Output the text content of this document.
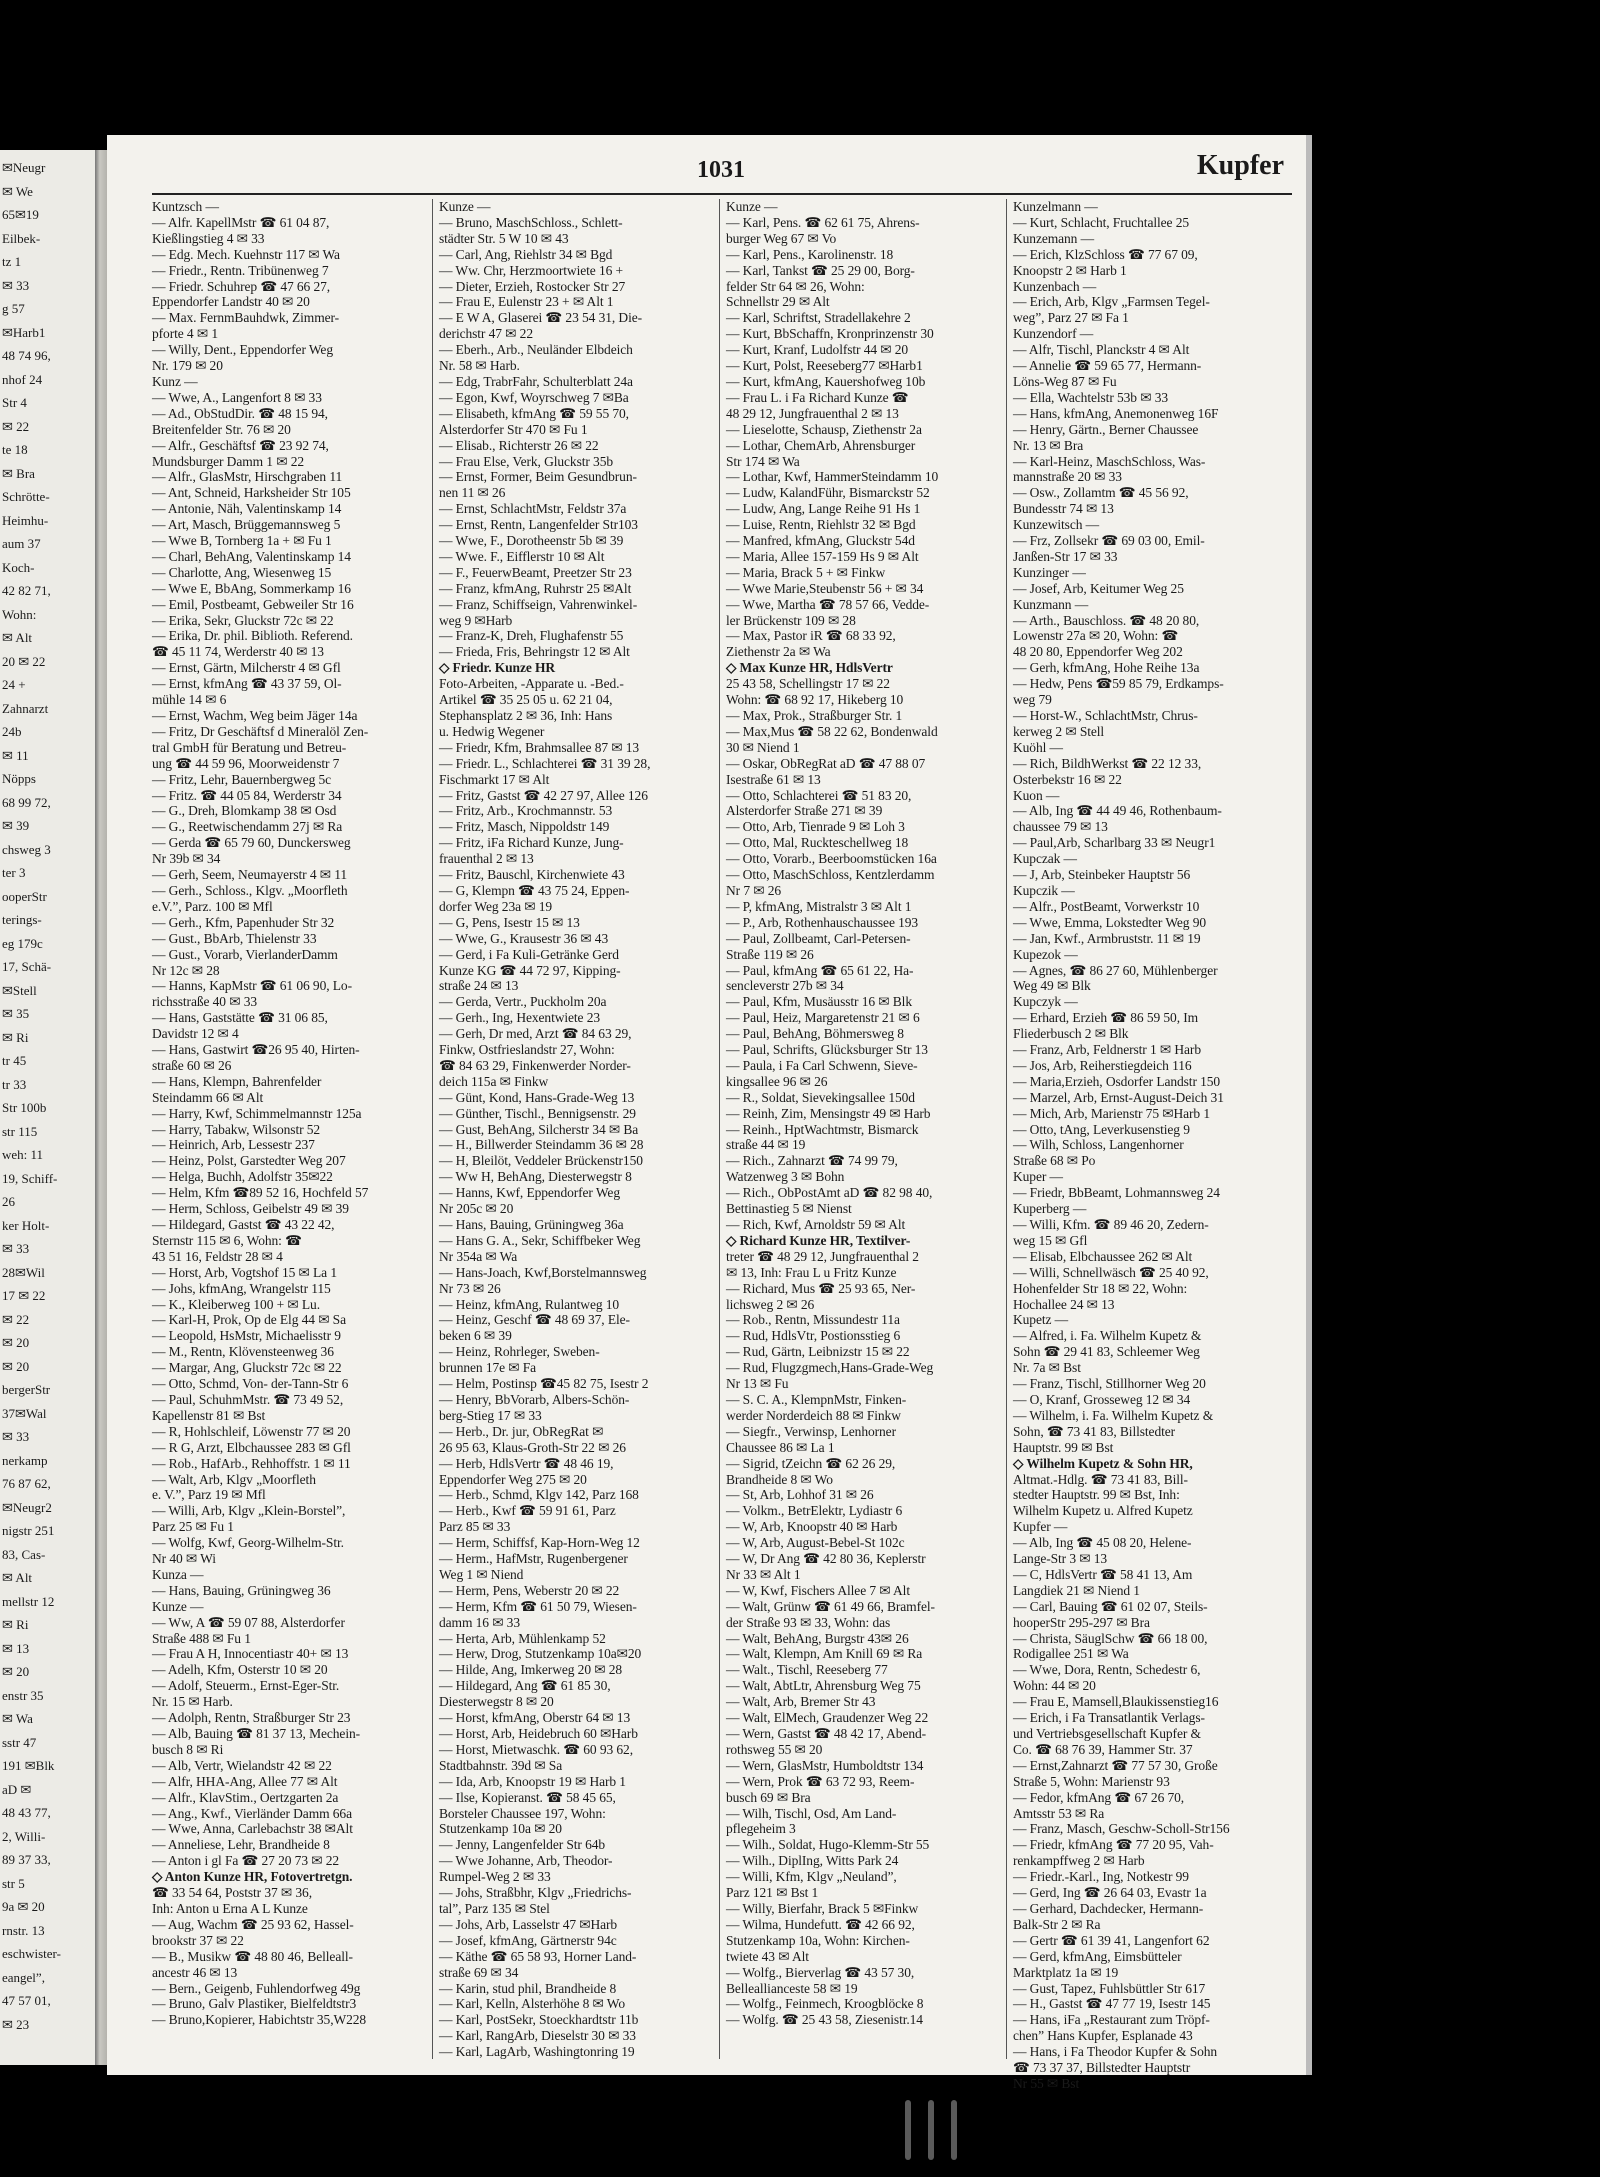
✉Neugr
✉ We
65✉19
Eilbek-
tz 1
✉ 33
g 57
✉Harb1
48 74 96,
nhof 24
Str 4
✉ 22
te 18
✉ Bra
Schrötte-
Heimhu-
aum 37
Koch-
42 82 71,
Wohn:
✉ Alt
20 ✉ 22
24 +
Zahnarzt
24b
✉ 11
Nöpps
68 99 72,
✉ 39
chsweg 3
ter 3
ooperStr
terings-
eg 179c
17, Schä-
✉Stell
✉ 35
✉ Ri
tr 45
tr 33
Str 100b
str 115
weh: 11
19, Schiff-
26
ker Holt-
✉ 33
28✉Wil
17 ✉ 22
✉ 22
✉ 20
✉ 20
bergerStr
37✉Wal
✉ 33
nerkamp
76 87 62,
✉Neugr2
nigstr 251
83, Cas-
✉ Alt
mellstr 12
✉ Ri
✉ 13
✉ 20
enstr 35
✉ Wa
sstr 47
191 ✉Blk
aD ✉
48 43 77,
2, Willi-
89 37 33,
str 5
9a ✉ 20
rnstr. 13
eschwister-
eangel”,
47 57 01,
✉ 23
1031	Kupfer
Kuntzsch —
— Alfr. KapellMstr ☎ 61 04 87,
Kießlingstieg 4 ✉ 33
— Edg. Mech. Kuehnstr 117 ✉ Wa
— Friedr., Rentn. Tribünenweg 7
— Friedr. Schuhrep ☎ 47 66 27,
Eppendorfer Landstr 40 ✉ 20
— Max. FernmBauhdwk, Zimmer-
pforte 4 ✉ 1
— Willy, Dent., Eppendorfer Weg
Nr. 179 ✉ 20
Kunz —
— Wwe, A., Langenfort 8 ✉ 33
— Ad., ObStudDir. ☎ 48 15 94,
Breitenfelder Str. 76 ✉ 20
— Alfr., Geschäftsf ☎ 23 92 74,
Mundsburger Damm 1 ✉ 22
— Alfr., GlasMstr, Hirschgraben 11
— Ant, Schneid, Harksheider Str 105
— Antonie, Näh, Valentinskamp 14
— Art, Masch, Brüggemannsweg 5
— Wwe B, Tornberg 1a + ✉ Fu 1
— Charl, BehAng, Valentinskamp 14
— Charlotte, Ang, Wiesenweg 15
— Wwe E, BbAng, Sommerkamp 16
— Emil, Postbeamt, Gebweiler Str 16
— Erika, Sekr, Gluckstr 72c ✉ 22
— Erika, Dr. phil. Biblioth. Referend.
☎ 45 11 74, Werderstr 40 ✉ 13
— Ernst, Gärtn, Milcherstr 4 ✉ Gfl
— Ernst, kfmAng ☎ 43 37 59, Ol-
mühle 14 ✉ 6
— Ernst, Wachm, Weg beim Jäger 14a
— Fritz, Dr Geschäftsf d Mineralöl Zen-
tral GmbH für Beratung und Betreu-
ung ☎ 44 59 96, Moorweidenstr 7
— Fritz, Lehr, Bauernbergweg 5c
— Fritz. ☎ 44 05 84, Werderstr 34
— G., Dreh, Blomkamp 38 ✉ Osd
— G., Reetwischendamm 27j ✉ Ra
— Gerda ☎ 65 79 60, Dunckersweg
Nr 39b ✉ 34
— Gerh, Seem, Neumayerstr 4 ✉ 11
— Gerh., Schloss., Klgv. „Moorfleth
e.V.”, Parz. 100 ✉ Mfl
— Gerh., Kfm, Papenhuder Str 32
— Gust., BbArb, Thielenstr 33
— Gust., Vorarb, VierlanderDamm
Nr 12c ✉ 28
— Hanns, KapMstr ☎ 61 06 90, Lo-
richsstraße 40 ✉ 33
— Hans, Gaststätte ☎ 31 06 85,
Davidstr 12 ✉ 4
— Hans, Gastwirt ☎26 95 40, Hirten-
straße 60 ✉ 26
— Hans, Klempn, Bahrenfelder
Steindamm 66 ✉ Alt
— Harry, Kwf, Schimmelmannstr 125a
— Harry, Tabakw, Wilsonstr 52
— Heinrich, Arb, Lessestr 237
— Heinz, Polst, Garstedter Weg 207
— Helga, Buchh, Adolfstr 35✉22
— Helm, Kfm ☎89 52 16, Hochfeld 57
— Herm, Schloss, Geibelstr 49 ✉ 39
— Hildegard, Gastst ☎ 43 22 42,
Sternstr 115 ✉ 6, Wohn: ☎
43 51 16, Feldstr 28 ✉ 4
— Horst, Arb, Vogtshof 15 ✉ La 1
— Johs, kfmAng, Wrangelstr 115
— K., Kleiberweg 100 + ✉ Lu.
— Karl-H, Prok, Op de Elg 44 ✉ Sa
— Leopold, HsMstr, Michaelisstr 9
— M., Rentn, Klövensteenweg 36
— Margar, Ang, Gluckstr 72c ✉ 22
— Otto, Schmd, Von- der-Tann-Str 6
— Paul, SchuhmMstr. ☎ 73 49 52,
Kapellenstr 81 ✉ Bst
— R, Hohlschleif, Löwenstr 77 ✉ 20
— R G, Arzt, Elbchaussee 283 ✉ Gfl
— Rob., HafArb., Rehhoffstr. 1 ✉ 11
— Walt, Arb, Klgv „Moorfleth
e. V.”, Parz 19 ✉ Mfl
— Willi, Arb, Klgv „Klein-Borstel”,
Parz 25 ✉ Fu 1
— Wolfg, Kwf, Georg-Wilhelm-Str.
Nr 40 ✉ Wi
Kunza —
— Hans, Bauing, Grüningweg 36
Kunze —
— Ww, A ☎ 59 07 88, Alsterdorfer
Straße 488 ✉ Fu 1
— Frau A H, Innocentiastr 40+ ✉ 13
— Adelh, Kfm, Osterstr 10 ✉ 20
— Adolf, Steuerm., Ernst-Eger-Str.
Nr. 15 ✉ Harb.
— Adolph, Rentn, Straßburger Str 23
— Alb, Bauing ☎ 81 37 13, Mechein-
busch 8 ✉ Ri
— Alb, Vertr, Wielandstr 42 ✉ 22
— Alfr, HHA-Ang, Allee 77 ✉ Alt
— Alfr., KlavStim., Oertzgarten 2a
— Ang., Kwf., Vierländer Damm 66a
— Wwe, Anna, Carlebachstr 38 ✉Alt
— Anneliese, Lehr, Brandheide 8
— Anton i gl Fa ☎ 27 20 73 ✉ 22
◇ Anton Kunze HR, Fotovertretgn.
☎ 33 54 64, Poststr 37 ✉ 36,
Inh: Anton u Erna A L Kunze
— Aug, Wachm ☎ 25 93 62, Hassel-
brookstr 37 ✉ 22
— B., Musikw ☎ 48 80 46, Belleall-
ancestr 46 ✉ 13
— Bern., Geigenb, Fuhlendorfweg 49g
— Bruno, Galv Plastiker, Bielfeldtstr3
— Bruno,Kopierer, Habichtstr 35,W228
Kunze —
— Bruno, MaschSchloss., Schlett-
städter Str. 5 W 10 ✉ 43
— Carl, Ang, Riehlstr 34 ✉ Bgd
— Ww. Chr, Herzmoortwiete 16 +
— Dieter, Erzieh, Rostocker Str 27
— Frau E, Eulenstr 23 + ✉ Alt 1
— E W A, Glaserei ☎ 23 54 31, Die-
derichstr 47 ✉ 22
— Eberh., Arb., Neuländer Elbdeich
Nr. 58 ✉ Harb.
— Edg, TrabrFahr, Schulterblatt 24a
— Egon, Kwf, Woyrschweg 7 ✉Ba
— Elisabeth, kfmAng ☎ 59 55 70,
Alsterdorfer Str 470 ✉ Fu 1
— Elisab., Richterstr 26 ✉ 22
— Frau Else, Verk, Gluckstr 35b
— Ernst, Former, Beim Gesundbrun-
nen 11 ✉ 26
— Ernst, SchlachtMstr, Feldstr 37a
— Ernst, Rentn, Langenfelder Str103
— Wwe, F., Dorotheenstr 5b ✉ 39
— Wwe. F., Eifflerstr 10 ✉ Alt
— F., FeuerwBeamt, Preetzer Str 23
— Franz, kfmAng, Ruhrstr 25 ✉Alt
— Franz, Schiffseign, Vahrenwinkel-
weg 9 ✉Harb
— Franz-K, Dreh, Flughafenstr 55
— Frieda, Fris, Behringstr 12 ✉ Alt
◇ Friedr. Kunze HR
Foto-Arbeiten, -Apparate u. -Bed.-
Artikel ☎ 35 25 05 u. 62 21 04,
Stephansplatz 2 ✉ 36, Inh: Hans
u. Hedwig Wegener
— Friedr, Kfm, Brahmsallee 87 ✉ 13
— Friedr. L., Schlachterei ☎ 31 39 28,
Fischmarkt 17 ✉ Alt
— Fritz, Gastst ☎ 42 27 97, Allee 126
— Fritz, Arb., Krochmannstr. 53
— Fritz, Masch, Nippoldstr 149
— Fritz, iFa Richard Kunze, Jung-
frauenthal 2 ✉ 13
— Fritz, Bauschl, Kirchenwiete 43
— G, Klempn ☎ 43 75 24, Eppen-
dorfer Weg 23a ✉ 19
— G, Pens, Isestr 15 ✉ 13
— Wwe, G., Krausestr 36 ✉ 43
— Gerd, i Fa Kuli-Getränke Gerd
Kunze KG ☎ 44 72 97, Kipping-
straße 24 ✉ 13
— Gerda, Vertr., Puckholm 20a
— Gerh., Ing, Hexentwiete 23
— Gerh, Dr med, Arzt ☎ 84 63 29,
Finkw, Ostfrieslandstr 27, Wohn:
☎ 84 63 29, Finkenwerder Norder-
deich 115a ✉ Finkw
— Günt, Kond, Hans-Grade-Weg 13
— Günther, Tischl., Bennigsenstr. 29
— Gust, BehAng, Silcherstr 34 ✉ Ba
— H., Billwerder Steindamm 36 ✉ 28
— H, Bleilöt, Veddeler Brückenstr150
— Ww H, BehAng, Diesterwegstr 8
— Hanns, Kwf, Eppendorfer Weg
Nr 205c ✉ 20
— Hans, Bauing, Grüningweg 36a
— Hans G. A., Sekr, Schiffbeker Weg
Nr 354a ✉ Wa
— Hans-Joach, Kwf,Borstelmannsweg
Nr 73 ✉ 26
— Heinz, kfmAng, Rulantweg 10
— Heinz, Geschf ☎ 48 69 37, Ele-
beken 6 ✉ 39
— Heinz, Rohrleger, Sweben-
brunnen 17e ✉ Fa
— Helm, Postinsp ☎45 82 75, Isestr 2
— Henry, BbVorarb, Albers-Schön-
berg-Stieg 17 ✉ 33
— Herb., Dr. jur, ObRegRat ✉
26 95 63, Klaus-Groth-Str 22 ✉ 26
— Herb, HdlsVertr ☎ 48 46 19,
Eppendorfer Weg 275 ✉ 20
— Herb., Schmd, Klgv 142, Parz 168
— Herb., Kwf ☎ 59 91 61, Parz
Parz 85 ✉ 33
— Herm, Schiffsf, Kap-Horn-Weg 12
— Herm., HafMstr, Rugenbergener
Weg 1 ✉ Niend
— Herm, Pens, Weberstr 20 ✉ 22
— Herm, Kfm ☎ 61 50 79, Wiesen-
damm 16 ✉ 33
— Herta, Arb, Mühlenkamp 52
— Herw, Drog, Stutzenkamp 10a✉20
— Hilde, Ang, Imkerweg 20 ✉ 28
— Hildegard, Ang ☎ 61 85 30,
Diesterwegstr 8 ✉ 20
— Horst, kfmAng, Oberstr 64 ✉ 13
— Horst, Arb, Heidebruch 60 ✉Harb
— Horst, Mietwaschk. ☎ 60 93 62,
Stadtbahnstr. 39d ✉ Sa
— Ida, Arb, Knoopstr 19 ✉ Harb 1
— Ilse, Kopieranst. ☎ 58 45 65,
Borsteler Chaussee 197, Wohn:
Stutzenkamp 10a ✉ 20
— Jenny, Langenfelder Str 64b
— Wwe Johanne, Arb, Theodor-
Rumpel-Weg 2 ✉ 33
— Johs, Straßbhr, Klgv „Friedrichs-
tal”, Parz 135 ✉ Stel
— Johs, Arb, Lasselstr 47 ✉Harb
— Josef, kfmAng, Gärtnerstr 94c
— Käthe ☎ 65 58 93, Horner Land-
straße 69 ✉ 34
— Karin, stud phil, Brandheide 8
— Karl, Kelln, Alsterhöhe 8 ✉ Wo
— Karl, PostSekr, Stoeckhardtstr 11b
— Karl, RangArb, Dieselstr 30 ✉ 33
— Karl, LagArb, Washingtonring 19
Kunze —
— Karl, Pens. ☎ 62 61 75, Ahrens-
burger Weg 67 ✉ Vo
— Karl, Pens., Karolinenstr. 18
— Karl, Tankst ☎ 25 29 00, Borg-
felder Str 64 ✉ 26, Wohn:
Schnellstr 29 ✉ Alt
— Karl, Schriftst, Stradellakehre 2
— Kurt, BbSchaffn, Kronprinzenstr 30
— Kurt, Kranf, Ludolfstr 44 ✉ 20
— Kurt, Polst, Reeseberg77 ✉Harb1
— Kurt, kfmAng, Kauershofweg 10b
— Frau L. i Fa Richard Kunze ☎
48 29 12, Jungfrauenthal 2 ✉ 13
— Lieselotte, Schausp, Ziethenstr 2a
— Lothar, ChemArb, Ahrensburger
Str 174 ✉ Wa
— Lothar, Kwf, HammerSteindamm 10
— Ludw, KalandFühr, Bismarckstr 52
— Ludw, Ang, Lange Reihe 91 Hs 1
— Luise, Rentn, Riehlstr 32 ✉ Bgd
— Manfred, kfmAng, Gluckstr 54d
— Maria, Allee 157-159 Hs 9 ✉ Alt
— Maria, Brack 5 + ✉ Finkw
— Wwe Marie,Steubenstr 56 + ✉ 34
— Wwe, Martha ☎ 78 57 66, Vedde-
ler Brückenstr 109 ✉ 28
— Max, Pastor iR ☎ 68 33 92,
Ziethenstr 2a ✉ Wa
◇ Max Kunze HR, HdlsVertr
25 43 58, Schellingstr 17 ✉ 22
Wohn: ☎ 68 92 17, Hikeberg 10
— Max, Prok., Straßburger Str. 1
— Max,Mus ☎ 58 22 62, Bondenwald
30 ✉ Niend 1
— Oskar, ObRegRat aD ☎ 47 88 07
Isestraße 61 ✉ 13
— Otto, Schlachterei ☎ 51 83 20,
Alsterdorfer Straße 271 ✉ 39
— Otto, Arb, Tienrade 9 ✉ Loh 3
— Otto, Mal, Ruckteschellweg 18
— Otto, Vorarb., Beerboomstücken 16a
— Otto, MaschSchloss, Kentzlerdamm
Nr 7 ✉ 26
— P, kfmAng, Mistralstr 3 ✉ Alt 1
— P., Arb, Rothenhauschaussee 193
— Paul, Zollbeamt, Carl-Petersen-
Straße 119 ✉ 26
— Paul, kfmAng ☎ 65 61 22, Ha-
sencleverstr 27b ✉ 34
— Paul, Kfm, Musäusstr 16 ✉ Blk
— Paul, Heiz, Margaretenstr 21 ✉ 6
— Paul, BehAng, Böhmersweg 8
— Paul, Schrifts, Glücksburger Str 13
— Paula, i Fa Carl Schwenn, Sieve-
kingsallee 96 ✉ 26
— R., Soldat, Sievekingsallee 150d
— Reinh, Zim, Mensingstr 49 ✉ Harb
— Reinh., HptWachtmstr, Bismarck
straße 44 ✉ 19
— Rich., Zahnarzt ☎ 74 99 79,
Watzenweg 3 ✉ Bohn
— Rich., ObPostAmt aD ☎ 82 98 40,
Bettinastieg 5 ✉ Nienst
— Rich, Kwf, Arnoldstr 59 ✉ Alt
◇ Richard Kunze HR, Textilver-
treter ☎ 48 29 12, Jungfrauenthal 2
✉ 13, Inh: Frau L u Fritz Kunze
— Richard, Mus ☎ 25 93 65, Ner-
lichsweg 2 ✉ 26
— Rob., Rentn, Missundestr 11a
— Rud, HdlsVtr, Postionsstieg 6
— Rud, Gärtn, Leibnizstr 15 ✉ 22
— Rud, Flugzgmech,Hans-Grade-Weg
Nr 13 ✉ Fu
— S. C. A., KlempnMstr, Finken-
werder Norderdeich 88 ✉ Finkw
— Siegfr., Verwinsp, Lenhorner
Chaussee 86 ✉ La 1
— Sigrid, tZeichn ☎ 62 26 29,
Brandheide 8 ✉ Wo
— St, Arb, Lohhof 31 ✉ 26
— Volkm., BetrElektr, Lydiastr 6
— W, Arb, Knoopstr 40 ✉ Harb
— W, Arb, August-Bebel-St 102c
— W, Dr Ang ☎ 42 80 36, Keplerstr
Nr 33 ✉ Alt 1
— W, Kwf, Fischers Allee 7 ✉ Alt
— Walt, Grünw ☎ 61 49 66, Bramfel-
der Straße 93 ✉ 33, Wohn: das
— Walt, BehAng, Burgstr 43✉ 26
— Walt, Klempn, Am Knill 69 ✉ Ra
— Walt., Tischl, Reeseberg 77
— Walt, AbtLtr, Ahrensburg Weg 75
— Walt, Arb, Bremer Str 43
— Walt, ElMech, Graudenzer Weg 22
— Wern, Gastst ☎ 48 42 17, Abend-
rothsweg 55 ✉ 20
— Wern, GlasMstr, Humboldtstr 134
— Wern, Prok ☎ 63 72 93, Reem-
busch 69 ✉ Bra
— Wilh, Tischl, Osd, Am Land-
pflegeheim 3
— Wilh., Soldat, Hugo-Klemm-Str 55
— Wilh., DiplIng, Witts Park 24
— Willi, Kfm, Klgv „Neuland”,
Parz 121 ✉ Bst 1
— Willy, Bierfahr, Brack 5 ✉Finkw
— Wilma, Hundefutt. ☎ 42 66 92,
Stutzenkamp 10a, Wohn: Kirchen-
twiete 43 ✉ Alt
— Wolfg., Bierverlag ☎ 43 57 30,
Belleallianceste 58 ✉ 19
— Wolfg., Feinmech, Kroogblöcke 8
— Wolfg. ☎ 25 43 58, Ziesenistr.14
Kunzelmann —
— Kurt, Schlacht, Fruchtallee 25
Kunzemann —
— Erich, KlzSchloss ☎ 77 67 09,
Knoopstr 2 ✉ Harb 1
Kunzenbach —
— Erich, Arb, Klgv „Farmsen Tegel-
weg”, Parz 27 ✉ Fa 1
Kunzendorf —
— Alfr, Tischl, Planckstr 4 ✉ Alt
— Annelie ☎ 59 65 77, Hermann-
Löns-Weg 87 ✉ Fu
— Ella, Wachtelstr 53b ✉ 33
— Hans, kfmAng, Anemonenweg 16F
— Henry, Gärtn., Berner Chaussee
Nr. 13 ✉ Bra
— Karl-Heinz, MaschSchloss, Was-
mannstraße 20 ✉ 33
— Osw., Zollamtm ☎ 45 56 92,
Bundesstr 74 ✉ 13
Kunzewitsch —
— Frz, Zollsekr ☎ 69 03 00, Emil-
Janßen-Str 17 ✉ 33
Kunzinger —
— Josef, Arb, Keitumer Weg 25
Kunzmann —
— Arth., Bauschloss. ☎ 48 20 80,
Lowenstr 27a ✉ 20, Wohn: ☎
48 20 80, Eppendorfer Weg 202
— Gerh, kfmAng, Hohe Reihe 13a
— Hedw, Pens ☎59 85 79, Erdkamps-
weg 79
— Horst-W., SchlachtMstr, Chrus-
kerweg 2 ✉ Stell
Kuöhl —
— Rich, BildhWerkst ☎ 22 12 33,
Osterbekstr 16 ✉ 22
Kuon —
— Alb, Ing ☎ 44 49 46, Rothenbaum-
chaussee 79 ✉ 13
— Paul,Arb, Scharlbarg 33 ✉ Neugr1
Kupczak —
— J, Arb, Steinbeker Hauptstr 56
Kupczik —
— Alfr., PostBeamt, Vorwerkstr 10
— Wwe, Emma, Lokstedter Weg 90
— Jan, Kwf., Armbruststr. 11 ✉ 19
Kupezok —
— Agnes, ☎ 86 27 60, Mühlenberger
Weg 49 ✉ Blk
Kupczyk —
— Erhard, Erzieh ☎ 86 59 50, Im
Fliederbusch 2 ✉ Blk
— Franz, Arb, Feldnerstr 1 ✉ Harb
— Jos, Arb, Reiherstiegdeich 116
— Maria,Erzieh, Osdorfer Landstr 150
— Marzel, Arb, Ernst-August-Deich 31
— Mich, Arb, Marienstr 75 ✉Harb 1
— Otto, tAng, Leverkusenstieg 9
— Wilh, Schloss, Langenhorner
Straße 68 ✉ Po
Kuper —
— Friedr, BbBeamt, Lohmannsweg 24
Kuperberg —
— Willi, Kfm. ☎ 89 46 20, Zedern-
weg 15 ✉ Gfl
— Elisab, Elbchaussee 262 ✉ Alt
— Willi, Schnellwäsch ☎ 25 40 92,
Hohenfelder Str 18 ✉ 22, Wohn:
Hochallee 24 ✉ 13
Kupetz —
— Alfred, i. Fa. Wilhelm Kupetz &
Sohn ☎ 29 41 83, Schleemer Weg
Nr. 7a ✉ Bst
— Franz, Tischl, Stillhorner Weg 20
— O, Kranf, Grosseweg 12 ✉ 34
— Wilhelm, i. Fa. Wilhelm Kupetz &
Sohn, ☎ 73 41 83, Billstedter
Hauptstr. 99 ✉ Bst
◇ Wilhelm Kupetz & Sohn HR,
Altmat.-Hdlg. ☎ 73 41 83, Bill-
stedter Hauptstr. 99 ✉ Bst, Inh:
Wilhelm Kupetz u. Alfred Kupetz
Kupfer —
— Alb, Ing ☎ 45 08 20, Helene-
Lange-Str 3 ✉ 13
— C, HdlsVertr ☎ 58 41 13, Am
Langdiek 21 ✉ Niend 1
— Carl, Bauing ☎ 61 02 07, Steils-
hooperStr 295-297 ✉ Bra
— Christa, SäuglSchw ☎ 66 18 00,
Rodigallee 251 ✉ Wa
— Wwe, Dora, Rentn, Schedestr 6,
Wohn: 44 ✉ 20
— Frau E, Mamsell,Blaukissenstieg16
— Erich, i Fa Transatlantik Verlags-
und Vertriebsgesellschaft Kupfer &
Co. ☎ 68 76 39, Hammer Str. 37
— Ernst,Zahnarzt ☎ 77 57 30, Große
Straße 5, Wohn: Marienstr 93
— Fedor, kfmAng ☎ 67 26 70,
Amtsstr 53 ✉ Ra
— Franz, Masch, Geschw-Scholl-Str156
— Friedr, kfmAng ☎ 77 20 95, Vah-
renkampffweg 2 ✉ Harb
— Friedr.-Karl., Ing, Notkestr 99
— Gerd, Ing ☎ 26 64 03, Evastr 1a
— Gerhard, Dachdecker, Hermann-
Balk-Str 2 ✉ Ra
— Gertr ☎ 61 39 41, Langenfort 62
— Gerd, kfmAng, Eimsbütteler
Marktplatz 1a ✉ 19
— Gust, Tapez, Fuhlsbüttler Str 617
— H., Gastst ☎ 47 77 19, Isestr 145
— Hans, iFa „Restaurant zum Tröpf-
chen” Hans Kupfer, Esplanade 43
— Hans, i Fa Theodor Kupfer & Sohn
☎ 73 37 37, Billstedter Hauptstr
Nr 55 ✉ Bst
